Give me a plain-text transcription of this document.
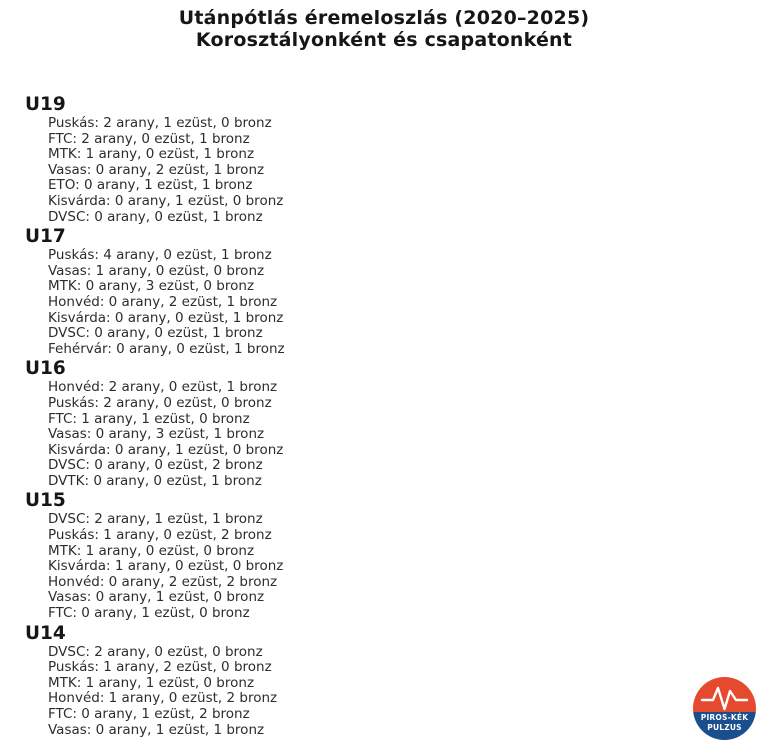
Utánpótlás éremeloszlás (2020–2025)
Korosztályonként és csapatonként
U19
Puskás: 2 arany, 1 ezüst, 0 bronz
FTC: 2 arany, 0 ezüst, 1 bronz
MTK: 1 arany, 0 ezüst, 1 bronz
Vasas: 0 arany, 2 ezüst, 1 bronz
ETO: 0 arany, 1 ezüst, 1 bronz
Kisvárda: 0 arany, 1 ezüst, 0 bronz
DVSC: 0 arany, 0 ezüst, 1 bronz
U17
Puskás: 4 arany, 0 ezüst, 1 bronz
Vasas: 1 arany, 0 ezüst, 0 bronz
MTK: 0 arany, 3 ezüst, 0 bronz
Honvéd: 0 arany, 2 ezüst, 1 bronz
Kisvárda: 0 arany, 0 ezüst, 1 bronz
DVSC: 0 arany, 0 ezüst, 1 bronz
Fehérvár: 0 arany, 0 ezüst, 1 bronz
U16
Honvéd: 2 arany, 0 ezüst, 1 bronz
Puskás: 2 arany, 0 ezüst, 0 bronz
FTC: 1 arany, 1 ezüst, 0 bronz
Vasas: 0 arany, 3 ezüst, 1 bronz
Kisvárda: 0 arany, 1 ezüst, 0 bronz
DVSC: 0 arany, 0 ezüst, 2 bronz
DVTK: 0 arany, 0 ezüst, 1 bronz
U15
DVSC: 2 arany, 1 ezüst, 1 bronz
Puskás: 1 arany, 0 ezüst, 2 bronz
MTK: 1 arany, 0 ezüst, 0 bronz
Kisvárda: 1 arany, 0 ezüst, 0 bronz
Honvéd: 0 arany, 2 ezüst, 2 bronz
Vasas: 0 arany, 1 ezüst, 0 bronz
FTC: 0 arany, 1 ezüst, 0 bronz
U14
DVSC: 2 arany, 0 ezüst, 0 bronz
Puskás: 1 arany, 2 ezüst, 0 bronz
MTK: 1 arany, 1 ezüst, 0 bronz
Honvéd: 1 arany, 0 ezüst, 2 bronz
FTC: 0 arany, 1 ezüst, 2 bronz
Vasas: 0 arany, 1 ezüst, 1 bronz
PIROS-KÉK
PULZUS
